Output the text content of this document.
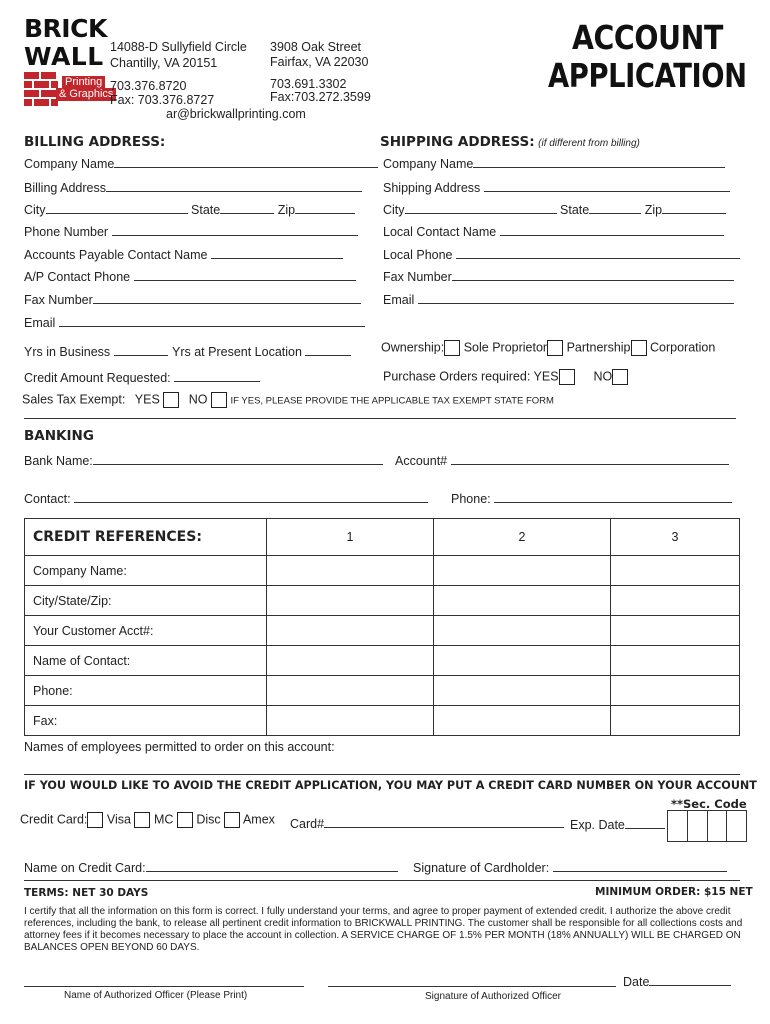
BRICK
WALL
Printing
& Graphics
14088-D Sullyfield Circle
Chantilly, VA 20151
703.376.8720
Fax: 703.376.8727
3908 Oak Street
Fairfax, VA 22030
703.691.3302
Fax:703.272.3599
ar@brickwallprinting.com
ACCOUNT
APPLICATION
BILLING ADDRESS:
Company Name
Billing Address
City	State	Zip
Phone Number
Accounts Payable Contact Name
A/P Contact Phone
Fax Number
Email
SHIPPING ADDRESS: (if different from billing)
Company Name
Shipping Address
City	State	Zip
Local Contact Name
Local Phone
Fax Number
Email
Yrs in Business	Yrs at Present Location	Ownership: Sole Proprietor Partnership Corporation
Credit Amount Requested:	Purchase Orders required: YES	NO
Sales Tax Exempt: YES NO IF YES, PLEASE PROVIDE THE APPLICABLE TAX EXEMPT STATE FORM
BANKING
Bank Name:	Account#
Contact:	Phone:
CREDIT REFERENCES:	1	2	3
Company Name:			
City/State/Zip:			
Your Customer Acct#:			
Name of Contact:			
Phone:			
Fax:			
Names of employees permitted to order on this account:
IF YOU WOULD LIKE TO AVOID THE CREDIT APPLICATION, YOU MAY PUT A CREDIT CARD NUMBER ON YOUR ACCOUNT
**Sec. Code
Credit Card: Visa MC Disc Amex Card#	Exp. Date
Name on Credit Card:	Signature of Cardholder:
TERMS: NET 30 DAYS	MINIMUM ORDER: $15 NET
I certify that all the information on this form is correct. I fully understand your terms, and agree to proper payment of extended credit. I authorize the above credit references, including the bank, to release all pertinent credit information to BRICKWALL PRINTING. The customer shall be responsible for all collections costs and attorney fees if it becomes necessary to place the account in collection. A SERVICE CHARGE OF 1.5% PER MONTH (18% ANNUALLY) WILL BE CHARGED ON BALANCES OPEN BEYOND 60 DAYS.
Date
Name of Authorized Officer (Please Print)	Signature of Authorized Officer
